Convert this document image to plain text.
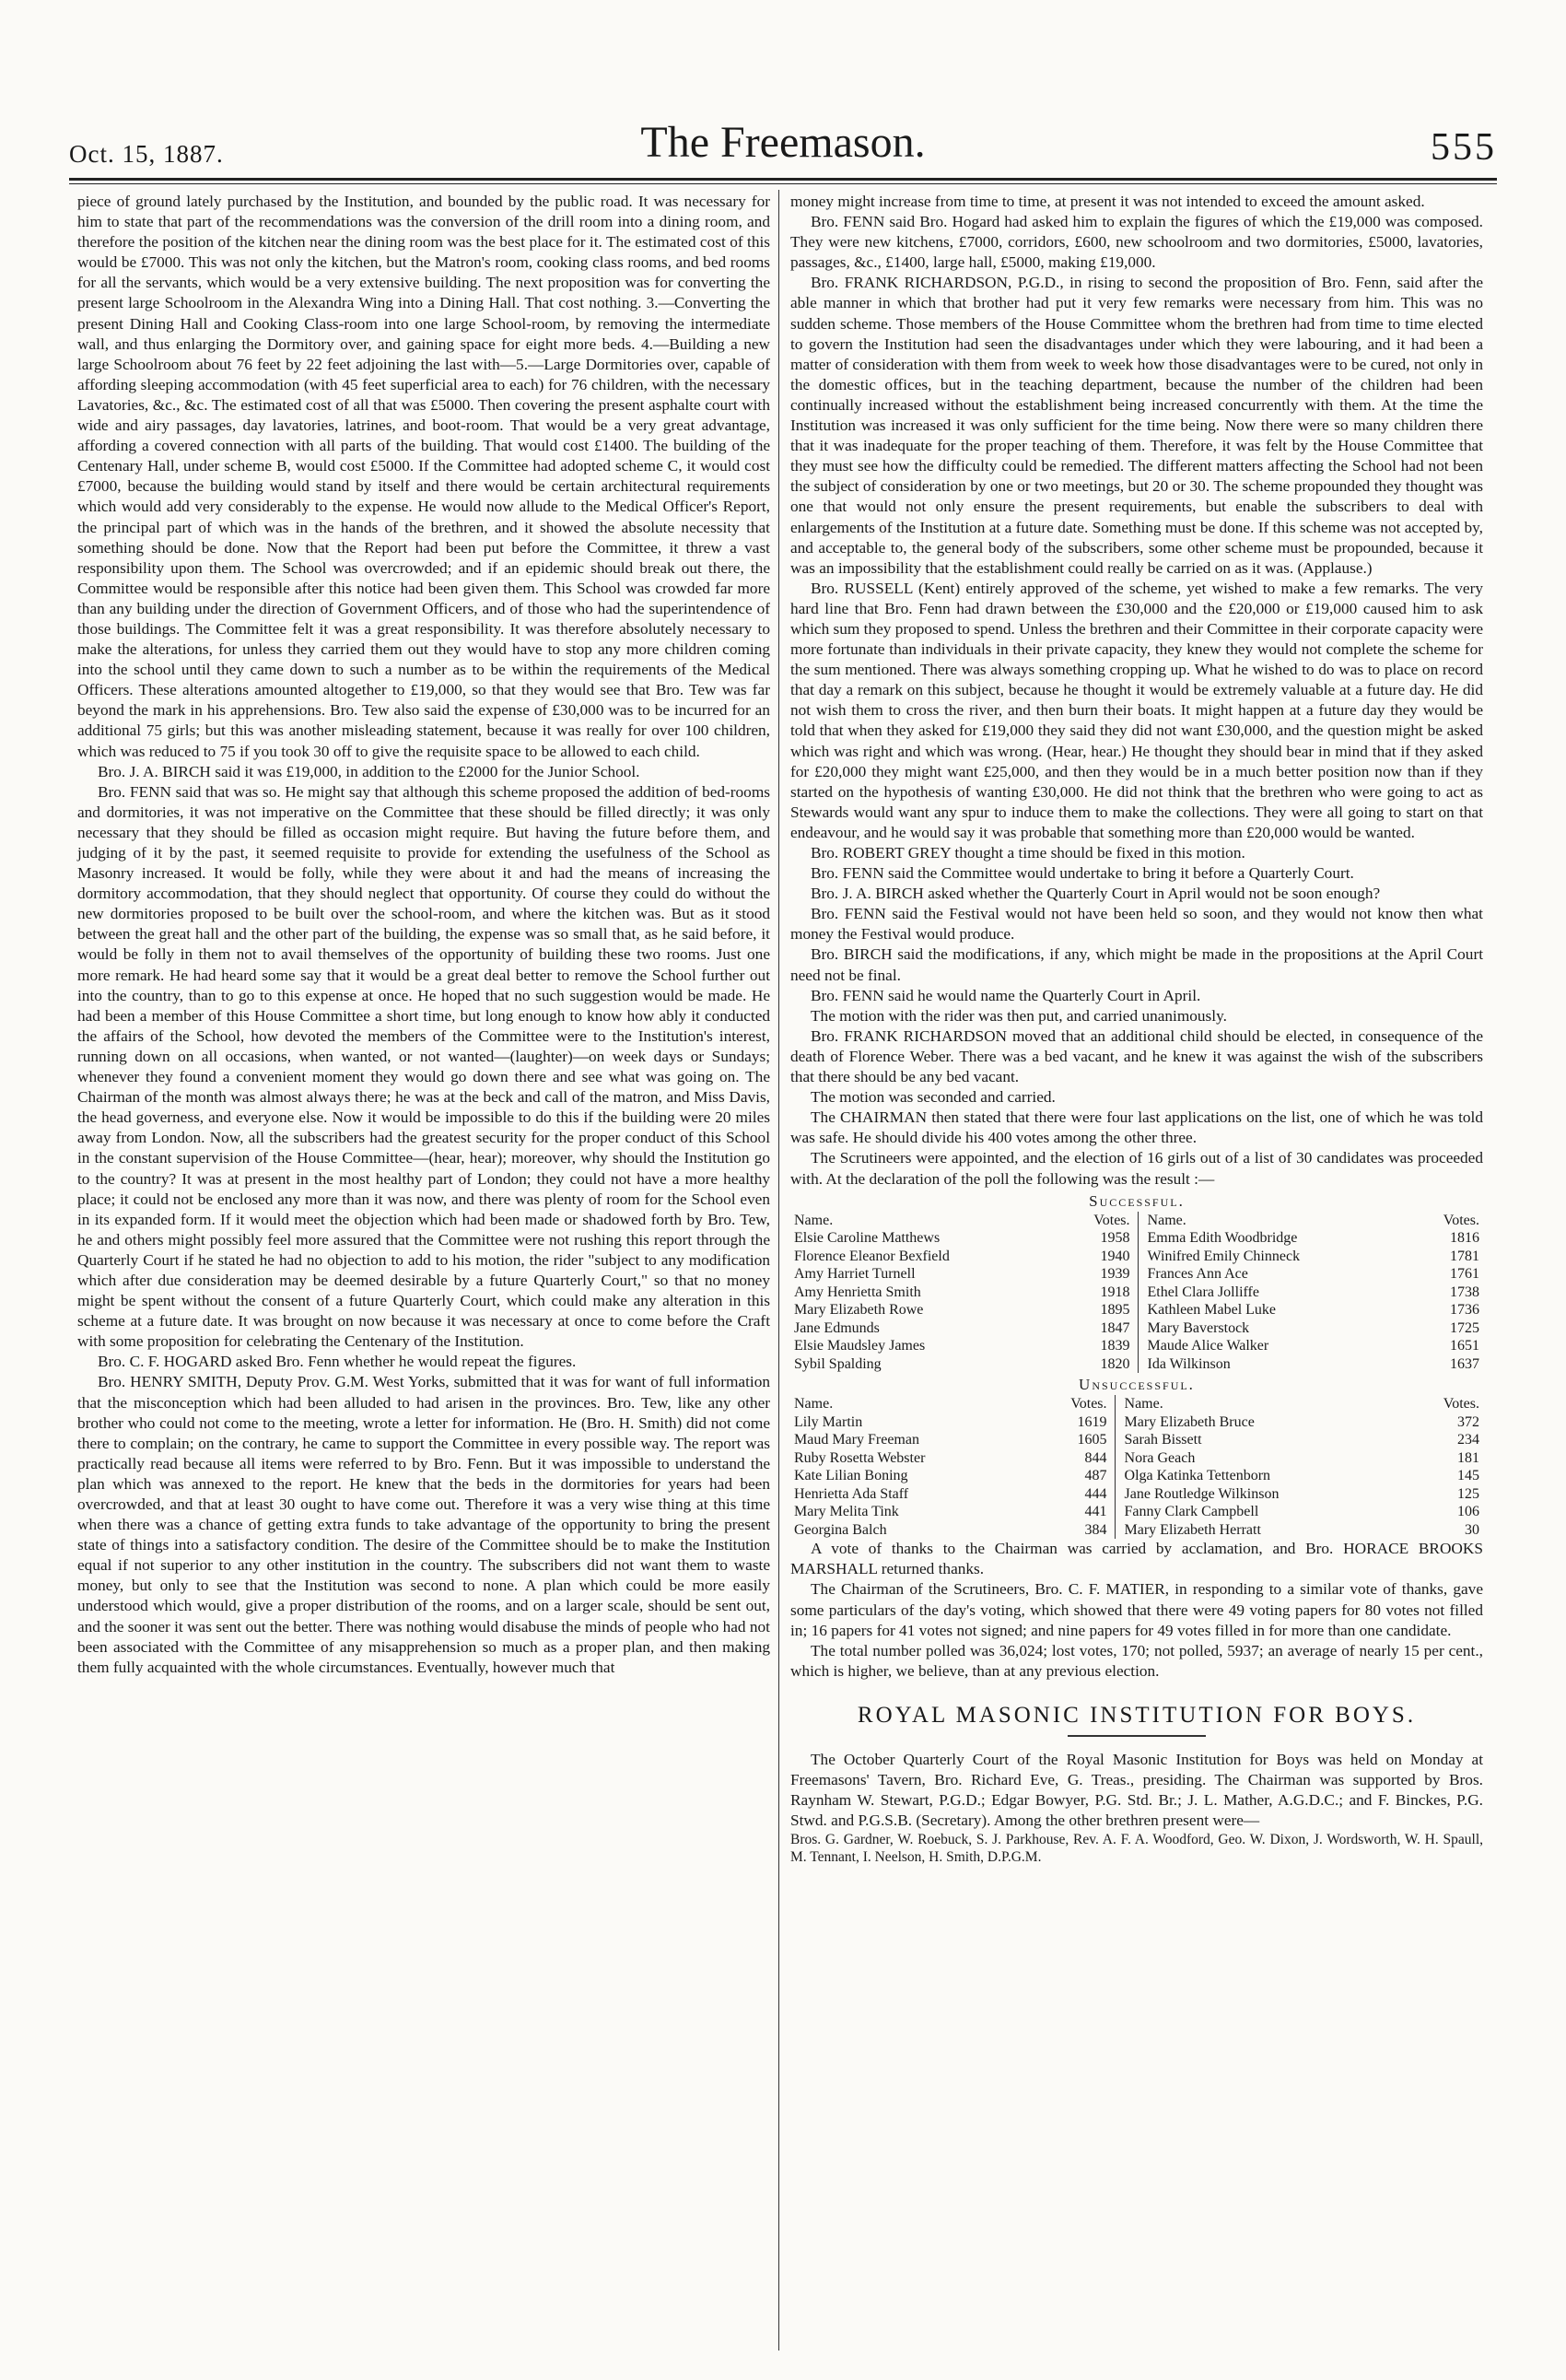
Oct. 15, 1887.	The Freemason.	555

piece of ground lately purchased by the Institution, and bounded by the public road. It was necessary for him to state that part of the recommendations was the conversion of the drill room into a dining room, and therefore the position of the kitchen near the dining room was the best place for it. The estimated cost of this would be £7000. This was not only the kitchen, but the Matron's room, cooking class rooms, and bed rooms for all the servants, which would be a very extensive building. The next proposition was for converting the present large Schoolroom in the Alexandra Wing into a Dining Hall. That cost nothing. 3.—Converting the present Dining Hall and Cooking Class-room into one large School-room, by removing the intermediate wall, and thus enlarging the Dormitory over, and gaining space for eight more beds. 4.—Building a new large Schoolroom about 76 feet by 22 feet adjoining the last with—5.—Large Dormitories over, capable of affording sleeping accommodation (with 45 feet superficial area to each) for 76 children, with the necessary Lavatories, &c., &c. The estimated cost of all that was £5000. Then covering the present asphalte court with wide and airy passages, day lavatories, latrines, and boot-room. That would be a very great advantage, affording a covered connection with all parts of the building. That would cost £1400. The building of the Centenary Hall, under scheme B, would cost £5000. If the Committee had adopted scheme C, it would cost £7000, because the building would stand by itself and there would be certain architectural requirements which would add very considerably to the expense. He would now allude to the Medical Officer's Report, the principal part of which was in the hands of the brethren, and it showed the absolute necessity that something should be done. Now that the Report had been put before the Committee, it threw a vast responsibility upon them. The School was overcrowded; and if an epidemic should break out there, the Committee would be responsible after this notice had been given them. This School was crowded far more than any building under the direction of Government Officers, and of those who had the superintendence of those buildings. The Committee felt it was a great responsibility. It was therefore absolutely necessary to make the alterations, for unless they carried them out they would have to stop any more children coming into the school until they came down to such a number as to be within the requirements of the Medical Officers. These alterations amounted altogether to £19,000, so that they would see that Bro. Tew was far beyond the mark in his apprehensions. Bro. Tew also said the expense of £30,000 was to be incurred for an additional 75 girls; but this was another misleading statement, because it was really for over 100 children, which was reduced to 75 if you took 30 off to give the requisite space to be allowed to each child.

Bro. J. A. BIRCH said it was £19,000, in addition to the £2000 for the Junior School.

Bro. FENN said that was so. He might say that although this scheme proposed the addition of bed-rooms and dormitories, it was not imperative on the Committee that these should be filled directly; it was only necessary that they should be filled as occasion might require. But having the future before them, and judging of it by the past, it seemed requisite to provide for extending the usefulness of the School as Masonry increased. It would be folly, while they were about it and had the means of increasing the dormitory accommodation, that they should neglect that opportunity. Of course they could do without the new dormitories proposed to be built over the school-room, and where the kitchen was. But as it stood between the great hall and the other part of the building, the expense was so small that, as he said before, it would be folly in them not to avail themselves of the opportunity of building these two rooms. Just one more remark. He had heard some say that it would be a great deal better to remove the School further out into the country, than to go to this expense at once. He hoped that no such suggestion would be made. He had been a member of this House Committee a short time, but long enough to know how ably it conducted the affairs of the School, how devoted the members of the Committee were to the Institution's interest, running down on all occasions, when wanted, or not wanted—(laughter)—on week days or Sundays; whenever they found a convenient moment they would go down there and see what was going on. The Chairman of the month was almost always there; he was at the beck and call of the matron, and Miss Davis, the head governess, and everyone else. Now it would be impossible to do this if the building were 20 miles away from London. Now, all the subscribers had the greatest security for the proper conduct of this School in the constant supervision of the House Committee—(hear, hear); moreover, why should the Institution go to the country? It was at present in the most healthy part of London; they could not have a more healthy place; it could not be enclosed any more than it was now, and there was plenty of room for the School even in its expanded form. If it would meet the objection which had been made or shadowed forth by Bro. Tew, he and others might possibly feel more assured that the Committee were not rushing this report through the Quarterly Court if he stated he had no objection to add to his motion, the rider "subject to any modification which after due consideration may be deemed desirable by a future Quarterly Court," so that no money might be spent without the consent of a future Quarterly Court, which could make any alteration in this scheme at a future date. It was brought on now because it was necessary at once to come before the Craft with some proposition for celebrating the Centenary of the Institution.

Bro. C. F. HOGARD asked Bro. Fenn whether he would repeat the figures.

Bro. HENRY SMITH, Deputy Prov. G.M. West Yorks, submitted that it was for want of full information that the misconception which had been alluded to had arisen in the provinces. Bro. Tew, like any other brother who could not come to the meeting, wrote a letter for information. He (Bro. H. Smith) did not come there to complain; on the contrary, he came to support the Committee in every possible way. The report was practically read because all items were referred to by Bro. Fenn. But it was impossible to understand the plan which was annexed to the report. He knew that the beds in the dormitories for years had been overcrowded, and that at least 30 ought to have come out. Therefore it was a very wise thing at this time when there was a chance of getting extra funds to take advantage of the opportunity to bring the present state of things into a satisfactory condition. The desire of the Committee should be to make the Institution equal if not superior to any other institution in the country. The subscribers did not want them to waste money, but only to see that the Institution was second to none. A plan which could be more easily understood which would, give a proper distribution of the rooms, and on a larger scale, should be sent out, and the sooner it was sent out the better. There was nothing would disabuse the minds of people who had not been associated with the Committee of any misapprehension so much as a proper plan, and then making them fully acquainted with the whole circumstances. Eventually, however much that

money might increase from time to time, at present it was not intended to exceed the amount asked.

Bro. FENN said Bro. Hogard had asked him to explain the figures of which the £19,000 was composed. They were new kitchens, £7000, corridors, £600, new schoolroom and two dormitories, £5000, lavatories, passages, &c., £1400, large hall, £5000, making £19,000.

Bro. FRANK RICHARDSON, P.G.D., in rising to second the proposition of Bro. Fenn, said after the able manner in which that brother had put it very few remarks were necessary from him. This was no sudden scheme. Those members of the House Committee whom the brethren had from time to time elected to govern the Institution had seen the disadvantages under which they were labouring, and it had been a matter of consideration with them from week to week how those disadvantages were to be cured, not only in the domestic offices, but in the teaching department, because the number of the children had been continually increased without the establishment being increased concurrently with them. At the time the Institution was increased it was only sufficient for the time being. Now there were so many children there that it was inadequate for the proper teaching of them. Therefore, it was felt by the House Committee that they must see how the difficulty could be remedied. The different matters affecting the School had not been the subject of consideration by one or two meetings, but 20 or 30. The scheme propounded they thought was one that would not only ensure the present requirements, but enable the subscribers to deal with enlargements of the Institution at a future date. Something must be done. If this scheme was not accepted by, and acceptable to, the general body of the subscribers, some other scheme must be propounded, because it was an impossibility that the establishment could really be carried on as it was. (Applause.)

Bro. RUSSELL (Kent) entirely approved of the scheme, yet wished to make a few remarks. The very hard line that Bro. Fenn had drawn between the £30,000 and the £20,000 or £19,000 caused him to ask which sum they proposed to spend. Unless the brethren and their Committee in their corporate capacity were more fortunate than individuals in their private capacity, they knew they would not complete the scheme for the sum mentioned. There was always something cropping up. What he wished to do was to place on record that day a remark on this subject, because he thought it would be extremely valuable at a future day. He did not wish them to cross the river, and then burn their boats. It might happen at a future day they would be told that when they asked for £19,000 they said they did not want £30,000, and the question might be asked which was right and which was wrong. (Hear, hear.) He thought they should bear in mind that if they asked for £20,000 they might want £25,000, and then they would be in a much better position now than if they started on the hypothesis of wanting £30,000. He did not think that the brethren who were going to act as Stewards would want any spur to induce them to make the collections. They were all going to start on that endeavour, and he would say it was probable that something more than £20,000 would be wanted.

Bro. ROBERT GREY thought a time should be fixed in this motion.

Bro. FENN said the Committee would undertake to bring it before a Quarterly Court.

Bro. J. A. BIRCH asked whether the Quarterly Court in April would not be soon enough?

Bro. FENN said the Festival would not have been held so soon, and they would not know then what money the Festival would produce.

Bro. BIRCH said the modifications, if any, which might be made in the propositions at the April Court need not be final.

Bro. FENN said he would name the Quarterly Court in April.

The motion with the rider was then put, and carried unanimously.

Bro. FRANK RICHARDSON moved that an additional child should be elected, in consequence of the death of Florence Weber. There was a bed vacant, and he knew it was against the wish of the subscribers that there should be any bed vacant.

The motion was seconded and carried.

The CHAIRMAN then stated that there were four last applications on the list, one of which he was told was safe. He should divide his 400 votes among the other three.

The Scrutineers were appointed, and the election of 16 girls out of a list of 30 candidates was proceeded with. At the declaration of the poll the following was the result :—

Successful.
Name.	Votes.	Name.	Votes.
Elsie Caroline Matthews	1958	Emma Edith Woodbridge	1816
Florence Eleanor Bexfield	1940	Winifred Emily Chinneck	1781
Amy Harriet Turnell	1939	Frances Ann Ace	1761
Amy Henrietta Smith	1918	Ethel Clara Jolliffe	1738
Mary Elizabeth Rowe	1895	Kathleen Mabel Luke	1736
Jane Edmunds	1847	Mary Baverstock	1725
Elsie Maudsley James	1839	Maude Alice Walker	1651
Sybil Spalding	1820	Ida Wilkinson	1637
Unsuccessful.
Name.	Votes.	Name.	Votes.
Lily Martin	1619	Mary Elizabeth Bruce	372
Maud Mary Freeman	1605	Sarah Bissett	234
Ruby Rosetta Webster	844	Nora Geach	181
Kate Lilian Boning	487	Olga Katinka Tettenborn	145
Henrietta Ada Staff	444	Jane Routledge Wilkinson	125
Mary Melita Tink	441	Fanny Clark Campbell	106
Georgina Balch	384	Mary Elizabeth Herratt	30

A vote of thanks to the Chairman was carried by acclamation, and Bro. HORACE BROOKS MARSHALL returned thanks.

The Chairman of the Scrutineers, Bro. C. F. MATIER, in responding to a similar vote of thanks, gave some particulars of the day's voting, which showed that there were 49 voting papers for 80 votes not filled in; 16 papers for 41 votes not signed; and nine papers for 49 votes filled in for more than one candidate.

The total number polled was 36,024; lost votes, 170; not polled, 5937; an average of nearly 15 per cent., which is higher, we believe, than at any previous election.

ROYAL MASONIC INSTITUTION FOR BOYS.

The October Quarterly Court of the Royal Masonic Institution for Boys was held on Monday at Freemasons' Tavern, Bro. Richard Eve, G. Treas., presiding. The Chairman was supported by Bros. Raynham W. Stewart, P.G.D.; Edgar Bowyer, P.G. Std. Br.; J. L. Mather, A.G.D.C.; and F. Binckes, P.G. Stwd. and P.G.S.B. (Secretary). Among the other brethren present were—

Bros. G. Gardner, W. Roebuck, S. J. Parkhouse, Rev. A. F. A. Woodford, Geo. W. Dixon, J. Wordsworth, W. H. Spaull, M. Tennant, I. Neelson, H. Smith, D.P.G.M.
